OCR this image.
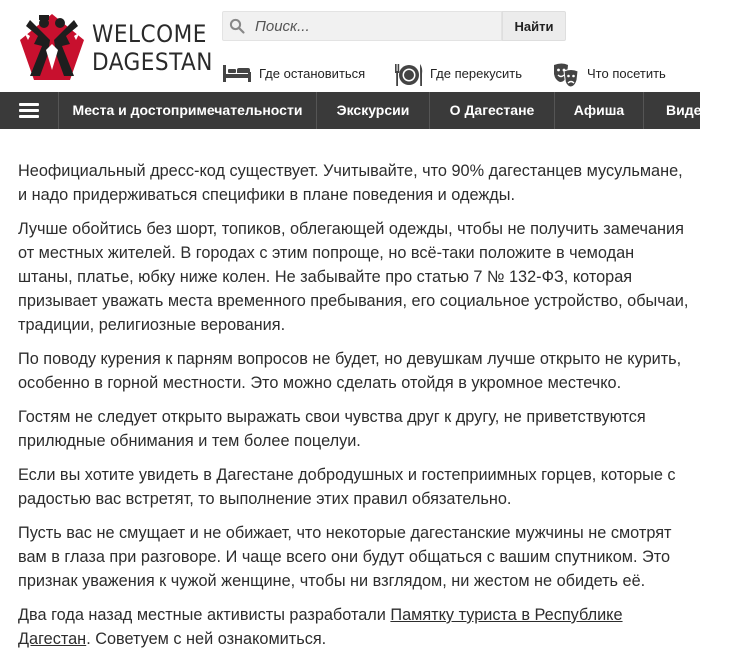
WELCOME
DAGESTAN
Поиск...
Найти
Где остановиться	Где перекусить	Что посетить
Места и достопримечательности	Экскурсии	О Дагестане	Афиша	Видео

Неофициальный дресс-код существует. Учитывайте, что 90% дагестанцев мусульмане, и надо придерживаться специфики в плане поведения и одежды.

Лучше обойтись без шорт, топиков, облегающей одежды, чтобы не получить замечания от местных жителей. В городах с этим попроще, но всё-таки положите в чемодан штаны, платье, юбку ниже колен. Не забывайте про статью 7 № 132-ФЗ, которая призывает уважать места временного пребывания, его социальное устройство, обычаи, традиции, религиозные верования.

По поводу курения к парням вопросов не будет, но девушкам лучше открыто не курить, особенно в горной местности. Это можно сделать отойдя в укромное местечко.

Гостям не следует открыто выражать свои чувства друг к другу, не приветствуются прилюдные обнимания и тем более поцелуи.

Если вы хотите увидеть в Дагестане добродушных и гостеприимных горцев, которые с радостью вас встретят, то выполнение этих правил обязательно.

Пусть вас не смущает и не обижает, что некоторые дагестанские мужчины не смотрят вам в глаза при разговоре. И чаще всего они будут общаться с вашим спутником. Это признак уважения к чужой женщине, чтобы ни взглядом, ни жестом не обидеть её.

Два года назад местные активисты разработали Памятку туриста в Республике Дагестан. Советуем с ней ознакомиться.
